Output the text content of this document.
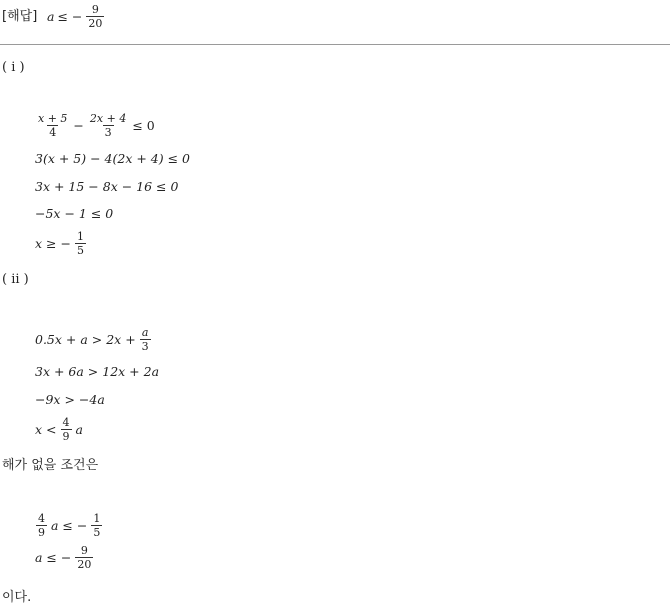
[해답] a ≤ − $\frac{9}{20}$
( i )
$\frac{x + 5}{4} - \frac{2x + 4}{3} \le 0$
3(x + 5) − 4(2x + 4) ≤ 0
3x + 15 − 8x − 16 ≤ 0
−5x − 1 ≤ 0
x ≥ − $\frac{1}{5}$
( ii )
$0.5x + a > 2x + \frac{a}{3}$
3x + 6a > 12x + 2a
−9x > −4a
$x < \frac{4}{9}$ a
해가 없을 조건은
$\frac{4}{9}$ a ≤ − $\frac{1}{5}$
a ≤ − $\frac{9}{20}$
이다.
